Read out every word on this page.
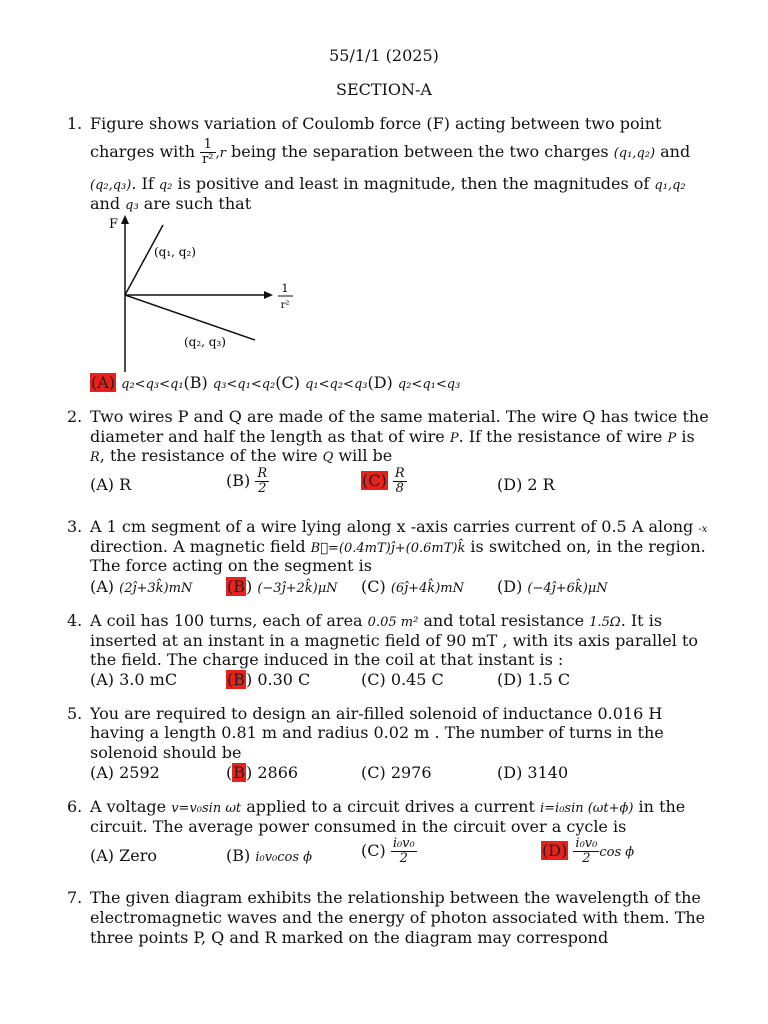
55/1/1 (2025)
SECTION-A
1. Figure shows variation of Coulomb force (F) acting between two point
charges with $\frac{1}{\text{r²}} ,r$ being the separation between the two charges (q₁,q₂) and
(q₂,q₃). If q₂ is positive and least in magnitude, then the magnitudes of q₁,q₂
and q₃ are such that
F
1
r²
(q₁, q₂)
(q₂, q₃)
(A) q₂<q₃<q₁(B) q₃<q₁<q₂(C) q₁<q₂<q₃(D) q₂<q₁<q₃
2. Two wires P and Q are made of the same material. The wire Q has twice the
diameter and half the length as that of wire P. If the resistance of wire P is
R, the resistance of the wire Q will be
(A) R	$(B) \frac{R}{2}$	$(C) \frac{R}{8}$	(D) 2 R
3. A 1 cm segment of a wire lying along x -axis carries current of 0.5 A along -x
direction. A magnetic field B⃗=(0.4mT)ĵ+(0.6mT)k̂ is switched on, in the region.
The force acting on the segment is
(A) (2ĵ+3k̂)mN (B) (−3ĵ+2k̂)μN (C) (6ĵ+4k̂)mN (D) (−4ĵ+6k̂)μN
4. A coil has 100 turns, each of area 0.05 m² and total resistance 1.5Ω. It is
inserted at an instant in a magnetic field of 90 mT , with its axis parallel to
the field. The charge induced in the coil at that instant is :
(A) 3.0 mC	(B) 0.30 C	(C) 0.45 C	(D) 1.5 C
5. You are required to design an air-filled solenoid of inductance 0.016 H
having a length 0.81 m and radius 0.02 m . The number of turns in the
solenoid should be
(A) 2592	(B) 2866	(C) 2976	(D) 3140
6. A voltage v=v₀sin ωt applied to a circuit drives a current i=i₀sin (ωt+ϕ) in the
circuit. The average power consumed in the circuit over a cycle is
(A) Zero	(B) i₀v₀cos ϕ	$(C) \frac{\text{i₀v₀}}{2}$	$(D) \frac{\text{i₀v₀}}{2}$ cos ϕ
7. The given diagram exhibits the relationship between the wavelength of the
electromagnetic waves and the energy of photon associated with them. The
three points P, Q and R marked on the diagram may correspond
